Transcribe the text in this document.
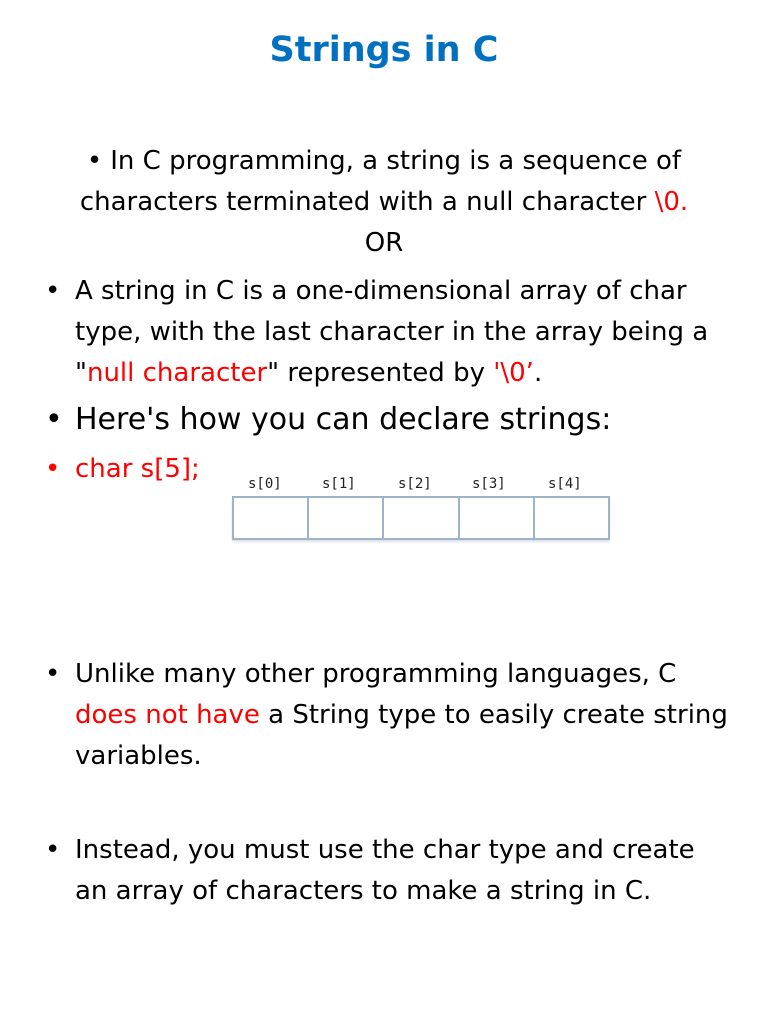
Strings in C
• In C programming, a string is a sequence of characters terminated with a null character \0.
OR
• A string in C is a one-dimensional array of char type, with the last character in the array being a "null character" represented by '\0’.
• Here's how you can declare strings:
• char s[5];	s[0]	s[1]	s[2]	s[3]	s[4]
• Unlike many other programming languages, C does not have a String type to easily create string variables.
• Instead, you must use the char type and create an array of characters to make a string in C.
